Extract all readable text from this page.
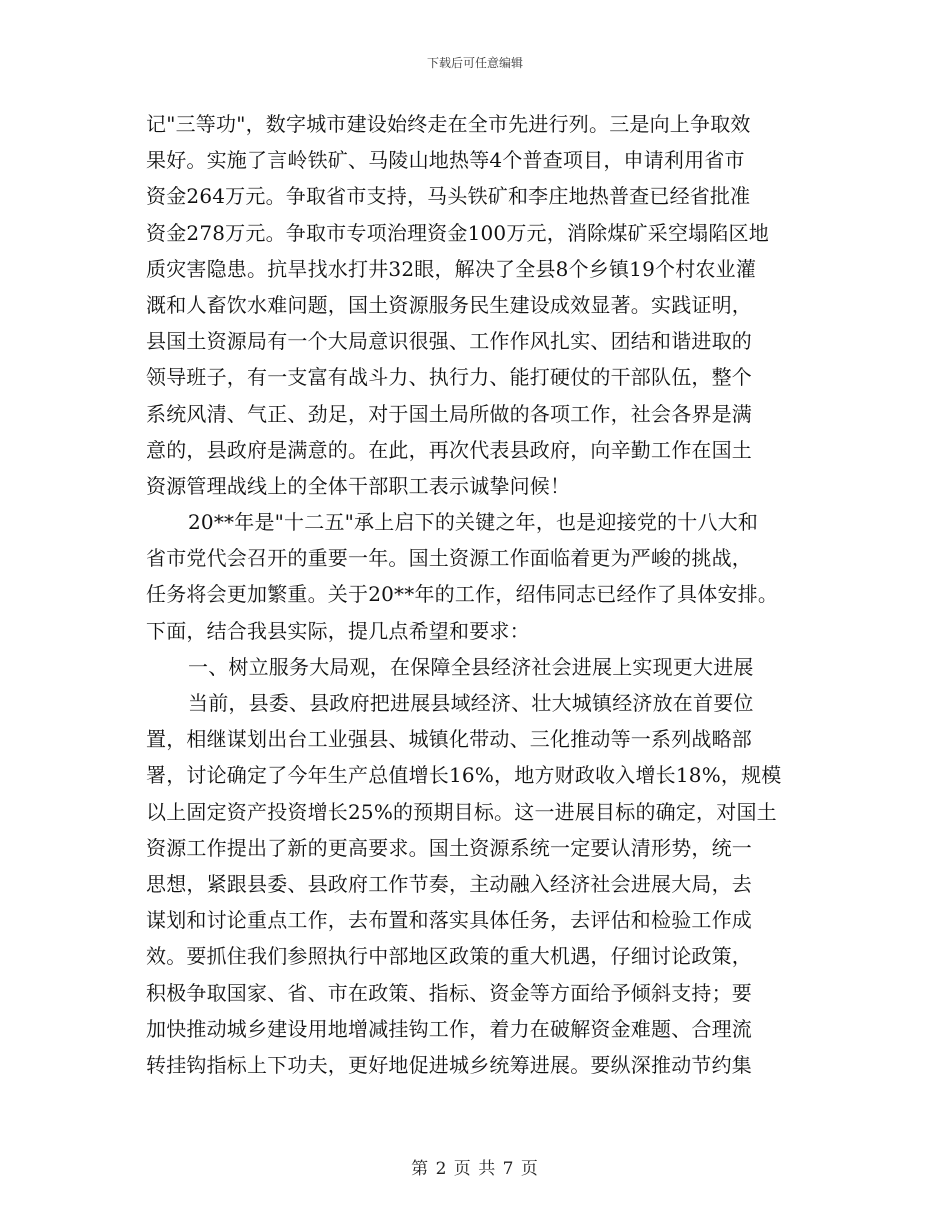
下载后可任意编辑
记"三等功"，数字城市建设始终走在全市先进行列。三是向上争取效
果好。实施了言岭铁矿、马陵山地热等4个普查项目，申请利用省市
资金264万元。争取省市支持，马头铁矿和李庄地热普查已经省批准
资金278万元。争取市专项治理资金100万元，消除煤矿采空塌陷区地
质灾害隐患。抗旱找水打井32眼，解决了全县8个乡镇19个村农业灌
溉和人畜饮水难问题，国土资源服务民生建设成效显著。实践证明，
县国土资源局有一个大局意识很强、工作作风扎实、团结和谐进取的
领导班子，有一支富有战斗力、执行力、能打硬仗的干部队伍，整个
系统风清、气正、劲足，对于国土局所做的各项工作，社会各界是满
意的，县政府是满意的。在此，再次代表县政府，向辛勤工作在国土
资源管理战线上的全体干部职工表示诚挚问候！
20**年是"十二五"承上启下的关键之年，也是迎接党的十八大和
省市党代会召开的重要一年。国土资源工作面临着更为严峻的挑战，
任务将会更加繁重。关于20**年的工作，绍伟同志已经作了具体安排。
下面，结合我县实际，提几点希望和要求：
一、树立服务大局观，在保障全县经济社会进展上实现更大进展
当前，县委、县政府把进展县域经济、壮大城镇经济放在首要位
置，相继谋划出台工业强县、城镇化带动、三化推动等一系列战略部
署，讨论确定了今年生产总值增长16%，地方财政收入增长18%，规模
以上固定资产投资增长25%的预期目标。这一进展目标的确定，对国土
资源工作提出了新的更高要求。国土资源系统一定要认清形势，统一
思想，紧跟县委、县政府工作节奏，主动融入经济社会进展大局，去
谋划和讨论重点工作，去布置和落实具体任务，去评估和检验工作成
效。要抓住我们参照执行中部地区政策的重大机遇，仔细讨论政策，
积极争取国家、省、市在政策、指标、资金等方面给予倾斜支持；要
加快推动城乡建设用地增减挂钩工作，着力在破解资金难题、合理流
转挂钩指标上下功夫，更好地促进城乡统筹进展。要纵深推动节约集
第 2 页 共 7 页
